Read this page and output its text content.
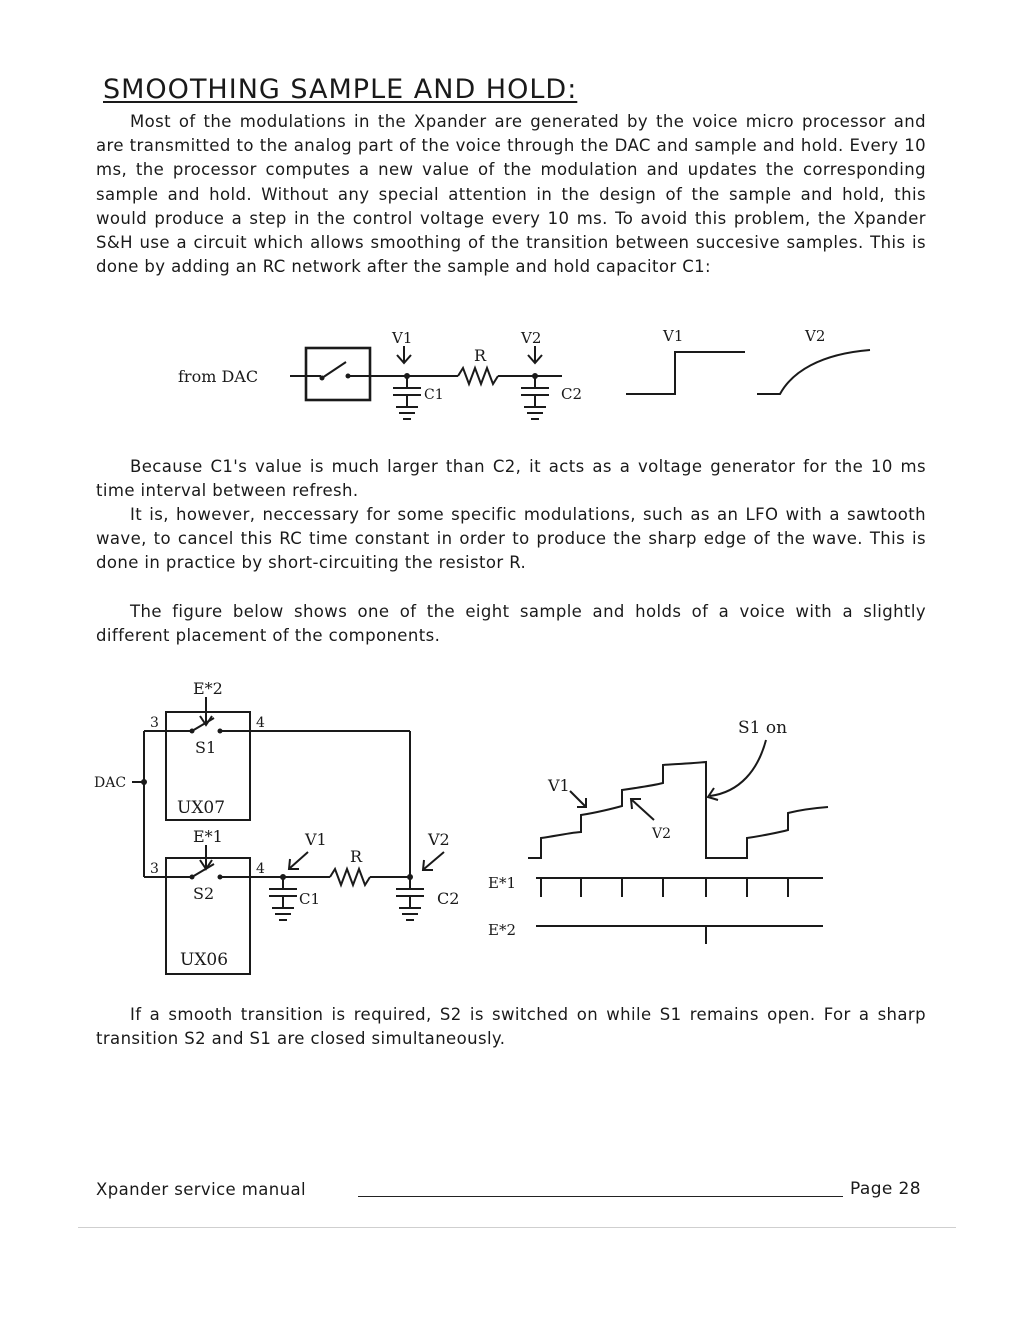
SMOOTHING SAMPLE AND HOLD:

Most of the modulations in the Xpander are generated by the voice micro processor and are transmitted to the analog part of the voice through the DAC and sample and hold. Every 10 ms, the processor computes a new value of the modulation and updates the corresponding sample and hold. Without any special attention in the design of the sample and hold, this would produce a step in the control voltage every 10 ms. To avoid this problem, the Xpander S&H use a circuit which allows smoothing of the transition between succesive samples. This is done by adding an RC network after the sample and hold capacitor C1:

from DAC
V1	V2
R
C1	C2
V1	V2

Because C1's value is much larger than C2, it acts as a voltage generator for the 10 ms time interval between refresh.

It is, however, neccessary for some specific modulations, such as an LFO with a sawtooth wave, to cancel this RC time constant in order to produce the sharp edge of the wave. This is done in practice by short-circuiting the resistor R.

The figure below shows one of the eight sample and holds of a voice with a slightly different placement of the components.

E*2
3	4
S1
UX07
DAC
E*1
3	4
S2
UX06
V1
R
V2
C1	C2
S1 on
V1
V2
E*1
E*2

If a smooth transition is required, S2 is switched on while S1 remains open. For a sharp transition S2 and S1 are closed simultaneously.

Xpander service manual	Page 28
